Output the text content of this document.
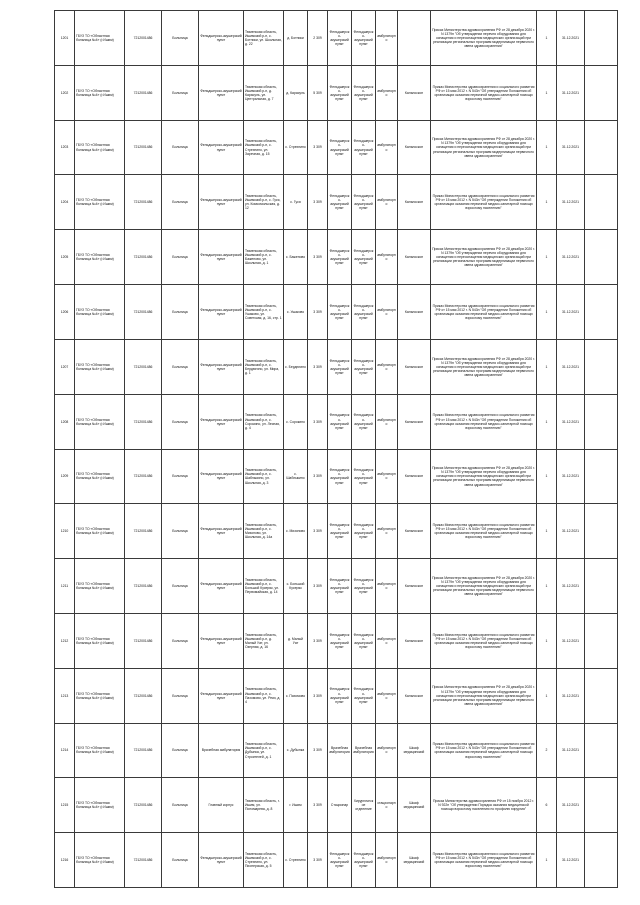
1201	ГБУЗ ТО «Областная больница №4» (г.Ишим)	7212001486	Больница	Фельдшерско-акушерский пункт	Тюменская область, Ишимский р-н, с. Ботники, ул. Школьная, д. 22	д. Ботники	2 309	Фельдшерско-акушерский пункт	Фельдшерско-акушерский пункт	амбулаторно		Приказ Министерства здравоохранения РФ от 28 декабря 2020 г. N 1379н "Об утверждении перечня оборудования для оснащения и переоснащения медицинских организаций при реализации региональных программ модернизации первичного звена здравоохранения"	1	31.12.2021	
1202	ГБУЗ ТО «Областная больница №4» (г.Ишим)	7212001486	Больница	Фельдшерско-акушерский пункт	Тюменская область, Ишимский р-н, д. Карасуль, ул. Центральная, д. 7	д. Карасуль	5 309	Фельдшерско-акушерский пункт	Фельдшерско-акушерский пункт	амбулаторно	Кальпоскоп	Приказ Министерства здравоохранения и социального развития РФ от 15 мая 2012 г. N 543н "Об утверждении Положения об организации оказания первичной медико-санитарной помощи взрослому населению"	1	31.12.2021	
1203	ГБУЗ ТО «Областная больница №4» (г.Ишим)	7212001486	Больница	Фельдшерско-акушерский пункт	Тюменская область, Ишимский р-н, с. Стрехнино, ул. Заречная, д. 15	с. Стрехнино	3 309	Фельдшерско-акушерский пункт	Фельдшерско-акушерский пункт	амбулаторно	Кальпоскоп	Приказ Министерства здравоохранения РФ от 28 декабря 2020 г. N 1379н "Об утверждении перечня оборудования для оснащения и переоснащения медицинских организаций при реализации региональных программ модернизации первичного звена здравоохранения"	1	31.12.2021	
1204	ГБУЗ ТО «Областная больница №4» (г.Ишим)	7212001486	Больница	Фельдшерско-акушерский пункт	Тюменская область, Ишимский р-н, с. Гуся, ул. Комсомольская, д. 12	с. Гуся	3 309	Фельдшерско-акушерский пункт	Фельдшерско-акушерский пункт	амбулаторно	Кальпоскоп	Приказ Министерства здравоохранения и социального развития РФ от 15 мая 2012 г. N 543н "Об утверждении Положения об организации оказания первичной медико-санитарной помощи взрослому населению"	1	31.12.2021	
1205	ГБУЗ ТО «Областная больница №4» (г.Ишим)	7212001486	Больница	Фельдшерско-акушерский пункт	Тюменская область, Ишимский р-н, с. Баженово, ул. Школьная, д. 1	с. Баженово	3 309	Фельдшерско-акушерский пункт	Фельдшерско-акушерский пункт	амбулаторно	Кальпоскоп	Приказ Министерства здравоохранения РФ от 28 декабря 2020 г. N 1379н "Об утверждении перечня оборудования для оснащения и переоснащения медицинских организаций при реализации региональных программ модернизации первичного звена здравоохранения"	1	31.12.2021	
1206	ГБУЗ ТО «Областная больница №4» (г.Ишим)	7212001486	Больница	Фельдшерско-акушерский пункт	Тюменская область, Ишимский р-н, с. Ушаково, ул. Советская, д. 16, стр. 1	с. Ушаково	3 309	Фельдшерско-акушерский пункт	Фельдшерско-акушерский пункт	амбулаторно	Кальпоскоп	Приказ Министерства здравоохранения и социального развития РФ от 15 мая 2012 г. N 543н "Об утверждении Положения об организации оказания первичной медико-санитарной помощи взрослому населению"	1	31.12.2021	
1207	ГБУЗ ТО «Областная больница №4» (г.Ишим)	7212001486	Больница	Фельдшерско-акушерский пункт	Тюменская область, Ишимский р-н, с. Бердюгино, ул. Мира, д. 1	с. Бердюгино	3 309	Фельдшерско-акушерский пункт	Фельдшерско-акушерский пункт	амбулаторно	Кальпоскоп	Приказ Министерства здравоохранения РФ от 28 декабря 2020 г. N 1379н "Об утверждении перечня оборудования для оснащения и переоснащения медицинских организаций при реализации региональных программ модернизации первичного звена здравоохранения"	1	31.12.2021	
1208	ГБУЗ ТО «Областная больница №4» (г.Ишим)	7212001486	Больница	Фельдшерско-акушерский пункт	Тюменская область, Ишимский р-н, с. Сорокино, ул. Лесная, д. 4	с. Сорокино	3 309	Фельдшерско-акушерский пункт	Фельдшерско-акушерский пункт	амбулаторно	Кальпоскоп	Приказ Министерства здравоохранения и социального развития РФ от 15 мая 2012 г. N 543н "Об утверждении Положения об организации оказания первичной медико-санитарной помощи взрослому населению"	1	31.12.2021	
1209	ГБУЗ ТО «Областная больница №4» (г.Ишим)	7212001486	Больница	Фельдшерско-акушерский пункт	Тюменская область, Ишимский р-н, с. Шаблыкино, ул. Школьная, д. 3	с. Шаблыкино	3 309	Фельдшерско-акушерский пункт	Фельдшерско-акушерский пункт	амбулаторно	Кальпоскоп	Приказ Министерства здравоохранения РФ от 28 декабря 2020 г. N 1379н "Об утверждении перечня оборудования для оснащения и переоснащения медицинских организаций при реализации региональных программ модернизации первичного звена здравоохранения"	1	31.12.2021	
1210	ГБУЗ ТО «Областная больница №4» (г.Ишим)	7212001486	Больница	Фельдшерско-акушерский пункт	Тюменская область, Ишимский р-н, с. Мизоново, ул. Школьная, д. 14а	с. Мизоново	3 309	Фельдшерско-акушерский пункт	Фельдшерско-акушерский пункт	амбулаторно	Кальпоскоп	Приказ Министерства здравоохранения и социального развития РФ от 15 мая 2012 г. N 543н "Об утверждении Положения об организации оказания первичной медико-санитарной помощи взрослому населению"	1	31.12.2021	
1211	ГБУЗ ТО «Областная больница №4» (г.Ишим)	7212001486	Больница	Фельдшерско-акушерский пункт	Тюменская область, Ишимский р-н, с. Большой Кусеряк, ул. Первомайская, д. 14	с. Большой Кусеряк	3 309	Фельдшерско-акушерский пункт	Фельдшерско-акушерский пункт	амбулаторно	Кальпоскоп	Приказ Министерства здравоохранения РФ от 28 декабря 2020 г. N 1379н "Об утверждении перечня оборудования для оснащения и переоснащения медицинских организаций при реализации региональных программ модернизации первичного звена здравоохранения"	1	31.12.2021	
1212	ГБУЗ ТО «Областная больница №4» (г.Ишим)	7212001486	Больница	Фельдшерско-акушерский пункт	Тюменская область, Ишимский р-н, д. Малый Уат, ул. Озерная, д. 16	д. Малый Уат	3 309	Фельдшерско-акушерский пункт	Фельдшерско-акушерский пункт	амбулаторно	Кальпоскоп	Приказ Министерства здравоохранения и социального развития РФ от 15 мая 2012 г. N 543н "Об утверждении Положения об организации оказания первичной медико-санитарной помощи взрослому населению"	1	31.12.2021	
1213	ГБУЗ ТО «Областная больница №4» (г.Ишим)	7212001486	Больница	Фельдшерско-акушерский пункт	Тюменская область, Ишимский р-н, с. Пахомово, ул. Реки, д. 4	с. Пахомово	3 309	Фельдшерско-акушерский пункт	Фельдшерско-акушерский пункт	амбулаторно	Кальпоскоп	Приказ Министерства здравоохранения РФ от 28 декабря 2020 г. N 1379н "Об утверждении перечня оборудования для оснащения и переоснащения медицинских организаций при реализации региональных программ модернизации первичного звена здравоохранения"	1	31.12.2021	
1214	ГБУЗ ТО «Областная больница №4» (г.Ишим)	7212001486	Больница	Врачебная амбулатория	Тюменская область, Ишимский р-н, с. Дубынка, ул. Строителей, д. 1	с. Дубынка	3 309	Врачебная амбулатория	Врачебная амбулатория	амбулаторно	Шкаф медицинский	Приказ Министерства здравоохранения и социального развития РФ от 15 мая 2012 г. N 543н "Об утверждении Положения об организации оказания первичной медико-санитарной помощи взрослому населению"	2	31.12.2021	
1215	ГБУЗ ТО «Областная больница №4» (г.Ишим)	7212001486	Больница	Главный корпус	Тюменская область, г. Ишим, ул. Пономарева, д. 8	г. Ишим	3 309	Стационар	Хирургическое отделение	стационарно	Шкаф медицинский	Приказ Министерства здравоохранения РФ от 15 ноября 2012 г. N 922н "Об утверждении Порядка оказания медицинской помощи взрослому населению по профилю хирургия"	6	31.12.2021	
1216	ГБУЗ ТО «Областная больница №4» (г.Ишим)	7212001486	Больница	Фельдшерско-акушерский пункт	Тюменская область, Ишимский р-н, с. Стрехнино, ул. Пионерская, д. 5	с. Стрехнино	3 309	Фельдшерско-акушерский пункт	Фельдшерско-акушерский пункт	амбулаторно	Шкаф медицинский	Приказ Министерства здравоохранения и социального развития РФ от 15 мая 2012 г. N 543н "Об утверждении Положения об организации оказания первичной медико-санитарной помощи взрослому населению"	1	31.12.2021	
